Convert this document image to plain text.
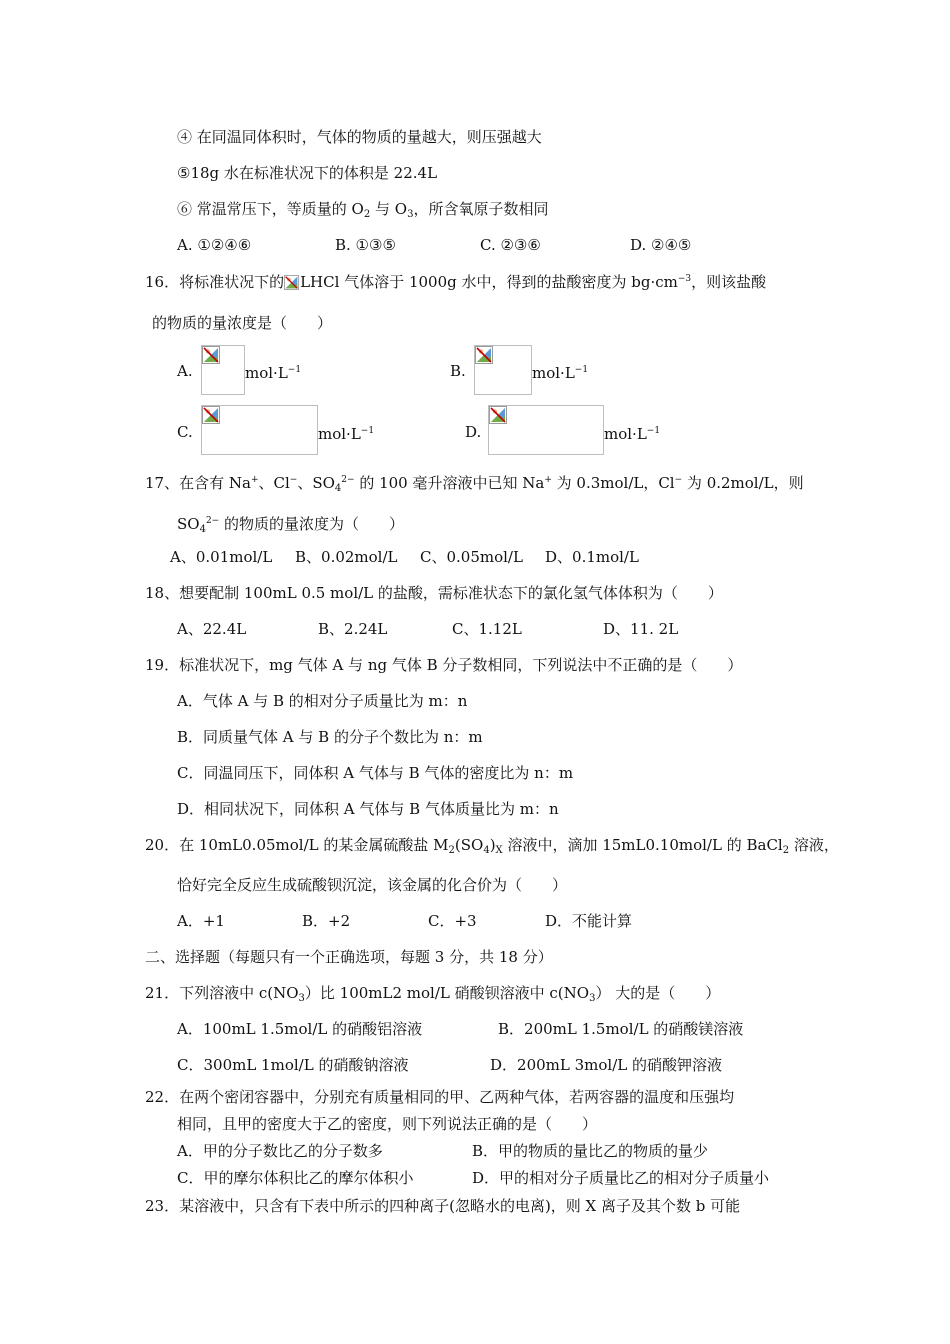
④ 在同温同体积时，气体的物质的量越大，则压强越大
⑤18g 水在标准状况下的体积是 22.4L
⑥ 常温常压下，等质量的 $O_2$ 与 $O_3$，所含氧原子数相同
A. ①②④⑥	B. ①③⑤	C. ②③⑥	D. ②④⑤
16．将标准状况下的 LHCl 气体溶于 1000g 水中，得到的盐酸密度为 $bg\cdot cm^{-3}$，则该盐酸
的物质的量浓度是（　　）
A.	$mol\cdot L^{-1}$	B.	$mol\cdot L^{-1}$
C.	$mol\cdot L^{-1}$	D.	$mol\cdot L^{-1}$
17、在含有 Na+、Cl−、$SO_4^{2-}$ 的 100 毫升溶液中已知 Na+ 为 0.3mol/L，Cl− 为 0.2mol/L，则
$SO_4^{2-}$ 的物质的量浓度为（　　）
A、0.01mol/L B、0.02mol/L C、0.05mol/L D、0.1mol/L
18、想要配制 100mL 0.5 mol/L 的盐酸，需标准状态下的氯化氢气体体积为（　　）
A、22.4L	B、2.24L	C、1.12L	D、11. 2L
19．标准状况下，mg 气体 A 与 ng 气体 B 分子数相同，下列说法中不正确的是（　　）
A．气体 A 与 B 的相对分子质量比为 m：n
B．同质量气体 A 与 B 的分子个数比为 n：m
C．同温同压下，同体积 A 气体与 B 气体的密度比为 n：m
D．相同状况下，同体积 A 气体与 B 气体质量比为 m：n
20．在 10mL0.05mol/L 的某金属硫酸盐 $M_2(SO_4)_X$ 溶液中，滴加 15mL0.10mol/L 的 BaCl$_2$ 溶液，
恰好完全反应生成硫酸钡沉淀，该金属的化合价为（　　）
A．+1	B．+2	C．+3	D．不能计算
二、选择题（每题只有一个正确选项，每题 3 分，共 18 分）
21．下列溶液中 $c(NO_3)$比 100mL2 mol/L 硝酸钡溶液中 $c(NO_3)$ 大的是（　　）
A．100mL 1.5mol/L 的硝酸铝溶液	B．200mL 1.5mol/L 的硝酸镁溶液
C．300mL 1mol/L 的硝酸钠溶液	D．200mL 3mol/L 的硝酸钾溶液
22．在两个密闭容器中，分别充有质量相同的甲、乙两种气体，若两容器的温度和压强均
相同，且甲的密度大于乙的密度，则下列说法正确的是（　　）
A．甲的分子数比乙的分子数多	B．甲的物质的量比乙的物质的量少
C．甲的摩尔体积比乙的摩尔体积小	D．甲的相对分子质量比乙的相对分子质量小
23．某溶液中，只含有下表中所示的四种离子(忽略水的电离)，则 X 离子及其个数 b 可能
